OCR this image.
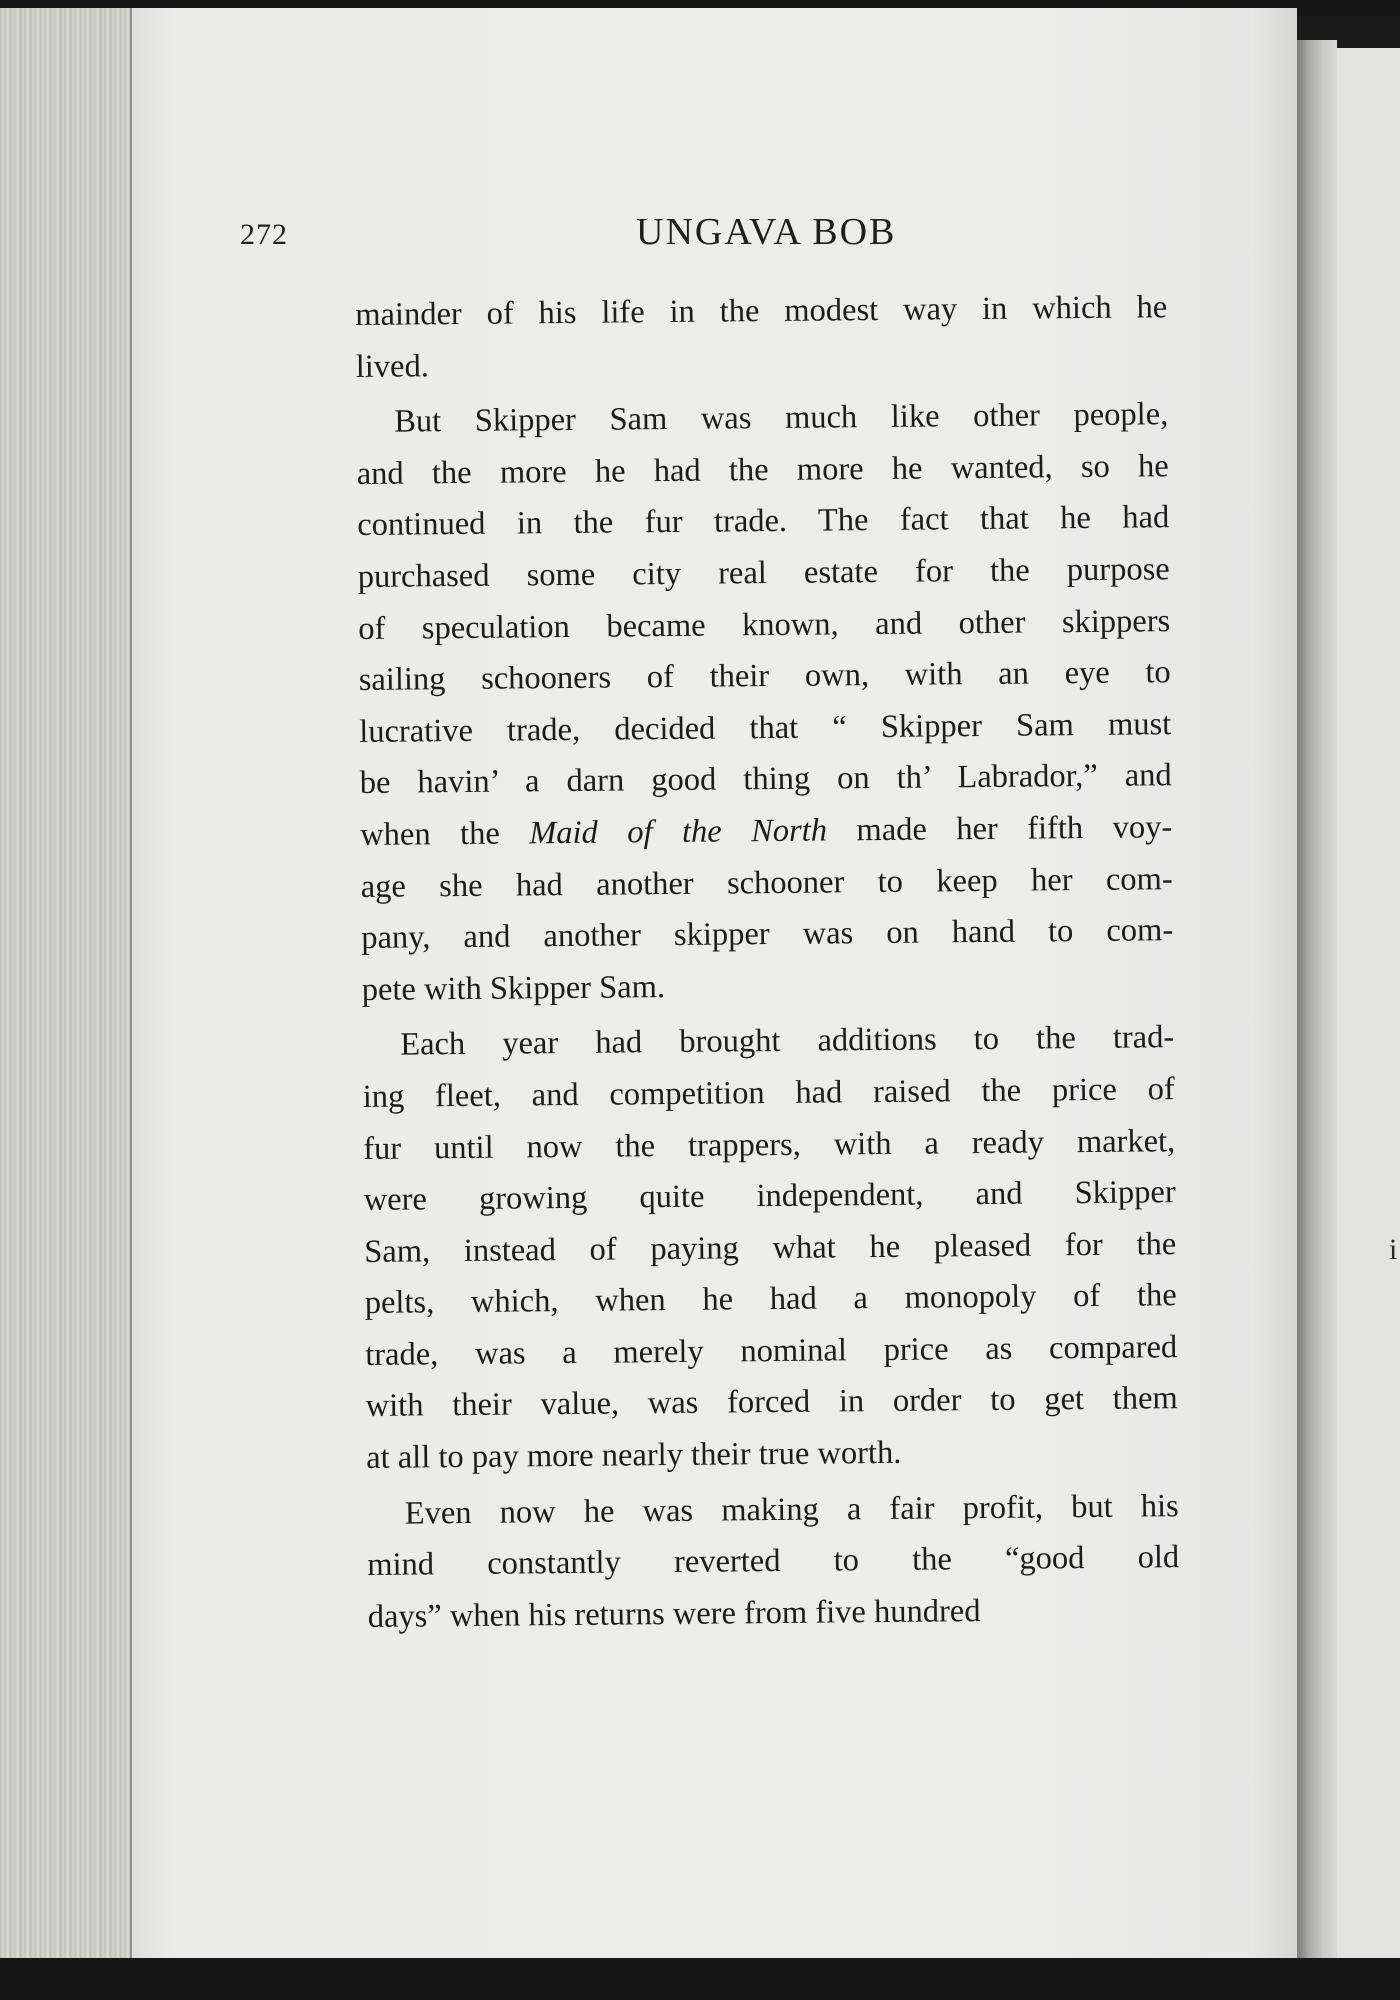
i
272	UNGAVA BOB
mainder of his life in the modest way in which he
lived.
But Skipper Sam was much like other people,
and the more he had the more he wanted, so he
continued in the fur trade. The fact that he had
purchased some city real estate for the purpose
of speculation became known, and other skippers
sailing schooners of their own, with an eye to
lucrative trade, decided that “ Skipper Sam must
be havin’ a darn good thing on th’ Labrador,” and
when the Maid of the North made her fifth voy-
age she had another schooner to keep her com-
pany, and another skipper was on hand to com-
pete with Skipper Sam.
Each year had brought additions to the trad-
ing fleet, and competition had raised the price of
fur until now the trappers, with a ready market,
were growing quite independent, and Skipper
Sam, instead of paying what he pleased for the
pelts, which, when he had a monopoly of the
trade, was a merely nominal price as compared
with their value, was forced in order to get them
at all to pay more nearly their true worth.
Even now he was making a fair profit, but his
mind constantly reverted to the “good old
days” when his returns were from five hundred
